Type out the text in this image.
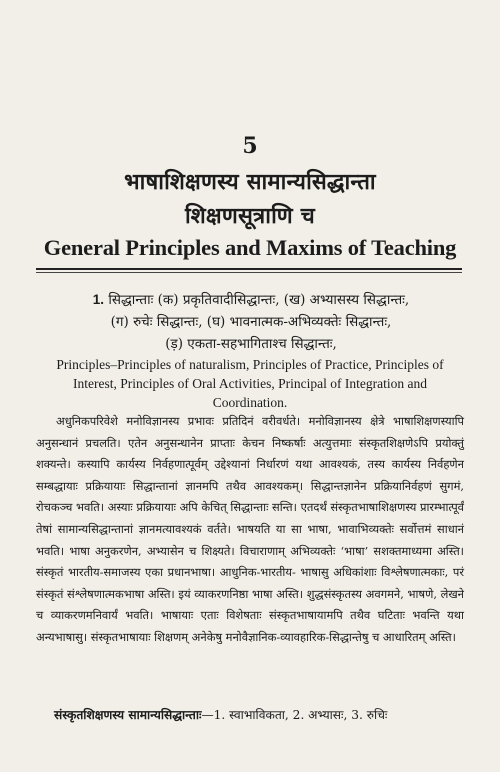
5
भाषाशिक्षणस्य सामान्यसिद्धान्ता
शिक्षणसूत्राणि च
General Principles and Maxims of Teaching
1. सिद्धान्ताः (क) प्रकृतिवादीसिद्धान्तः, (ख) अभ्यासस्य सिद्धान्तः,
(ग) रुचेः सिद्धान्तः, (घ) भावनात्मक-अभिव्यक्तेः सिद्धान्तः,
(ड़) एकता-सहभागिताश्च सिद्धान्तः,
Principles–Principles of naturalism, Principles of Practice, Principles of Interest, Principles of Oral Activities, Principal of Integration and Coordination.
अधुनिकपरिवेशे मनोविज्ञानस्य प्रभावः प्रतिदिनं वरीवर्धते। मनोविज्ञानस्य क्षेत्रे भाषाशिक्षणस्यापि अनुसन्धानं प्रचलति। एतेन अनुसन्धानेन प्राप्ताः केचन निष्कर्षाः अत्युत्तमाः संस्कृतशिक्षणेऽपि प्रयोक्तुं शक्यन्ते। कस्यापि कार्यस्य निर्वहणात्पूर्वम् उद्देश्यानां निर्धारणं यथा आवश्यकं, तस्य कार्यस्य निर्वहणेन सम्बद्धायाः प्रक्रियायाः सिद्धान्तानां ज्ञानमपि तथैव आवश्यकम्। सिद्धान्तज्ञानेन प्रक्रियानिर्वहणं सुगमं, रोचकञ्च भवति। अस्याः प्रक्रियायाः अपि केचित् सिद्धान्ताः सन्ति। एतदर्थं संस्कृतभाषाशिक्षणस्य प्रारम्भात्पूर्वं तेषां सामान्यसिद्धान्तानां ज्ञानमत्यावश्यकं वर्तते। भाषयति या सा भाषा, भावाभिव्यक्तेः सर्वोत्तमं साधानं भवति। भाषा अनुकरणेन, अभ्यासेन च शिक्ष्यते। विचाराणाम् अभिव्यक्तेः ‘भाषा’ सशक्तमाध्यमा अस्ति। संस्कृतं भारतीय-समाजस्य एका प्रधानभाषा। आधुनिक-भारतीय- भाषासु अधिकांशाः विश्लेषणात्मकाः, परं संस्कृतं संश्लेषणात्मकभाषा अस्ति। इयं व्याकरणनिष्ठा भाषा अस्ति। शुद्धसंस्कृतस्य अवगमने, भाषणे, लेखने च व्याकरणमनिवार्यं भवति। भाषायाः एताः विशेषताः संस्कृतभाषायामपि तथैव घटिताः भवन्ति यथा अन्यभाषासु। संस्कृतभाषायाः शिक्षणम् अनेकेषु मनोवैज्ञानिक-व्यावहारिक-सिद्धान्तेषु च आधारितम् अस्ति।
संस्कृतशिक्षणस्य सामान्यसिद्धान्ताः—1. स्वाभाविकता, 2. अभ्यासः, 3. रुचिः
